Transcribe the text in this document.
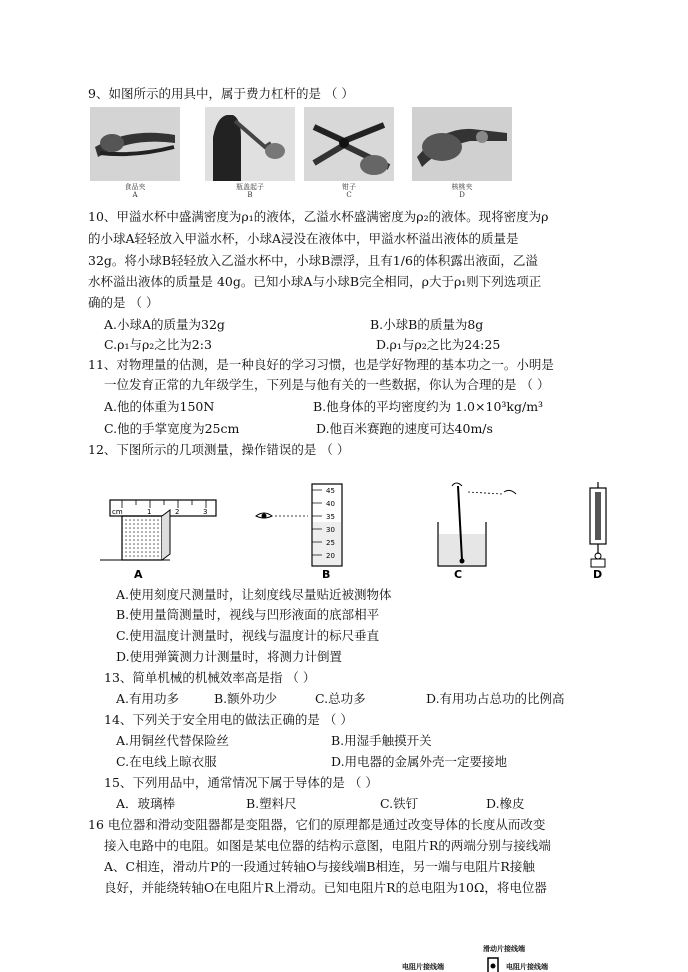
9、如图所示的用具中，属于费力杠杆的是 （ ）
食品夹
A
瓶盖起子
B
钳子
C
核桃夹
D
10、甲溢水杯中盛满密度为ρ₁的液体，乙溢水杯盛满密度为ρ₂的液体。现将密度为ρ
的小球A轻轻放入甲溢水杯，小球A浸没在液体中，甲溢水杯溢出液体的质量是
32g。将小球B轻轻放入乙溢水杯中，小球B漂浮，且有1/6的体积露出液面，乙溢
水杯溢出液体的质量是 40g。已知小球A与小球B完全相同，ρ大于ρ₁则下列选项正
确的是 （ ）
A.小球A的质量为32g	B.小球B的质量为8g
C.ρ₁与ρ₂之比为2:3	D.ρ₁与ρ₂之比为24:25
11、对物理量的估测，是一种良好的学习习惯，也是学好物理的基本功之一。小明是
一位发育正常的九年级学生，下列是与他有关的一些数据，你认为合理的是 （ ）
A.他的体重为150N	B.他身体的平均密度约为 1.0×10³kg/m³
C.他的手掌宽度为25cm	D.他百米赛跑的速度可达40m/s
12、下图所示的几项测量，操作错误的是 （ ）
cm	1	2	3
A
45
40
35
30
25
20
B	C	D
A.使用刻度尺测量时，让刻度线尽量贴近被测物体
B.使用量筒测量时，视线与凹形液面的底部相平
C.使用温度计测量时，视线与温度计的标尺垂直
D.使用弹簧测力计测量时，将测力计倒置
13、简单机械的机械效率高是指 （ ）
A.有用功多	B.额外功少	C.总功多	D.有用功占总功的比例高
14、下列关于安全用电的做法正确的是 （ ）
A.用铜丝代替保险丝	B.用湿手触摸开关
C.在电线上晾衣服	D.用电器的金属外壳一定要接地
15、下列用品中，通常情况下属于导体的是 （ ）
A．玻璃棒	B.塑料尺	C.铁钉	D.橡皮
16 电位器和滑动变阻器都是变阻器，它们的原理都是通过改变导体的长度从而改变
接入电路中的电阻。如图是某电位器的结构示意图，电阻片R的两端分别与接线端
A、C相连，滑动片P的一段通过转轴O与接线端B相连，另一端与电阻片R接触
良好，并能绕转轴O在电阻片R上滑动。已知电阻片R的总电阻为10Ω，将电位器
滑动片接线端
电阻片接线端	电阻片接线端
